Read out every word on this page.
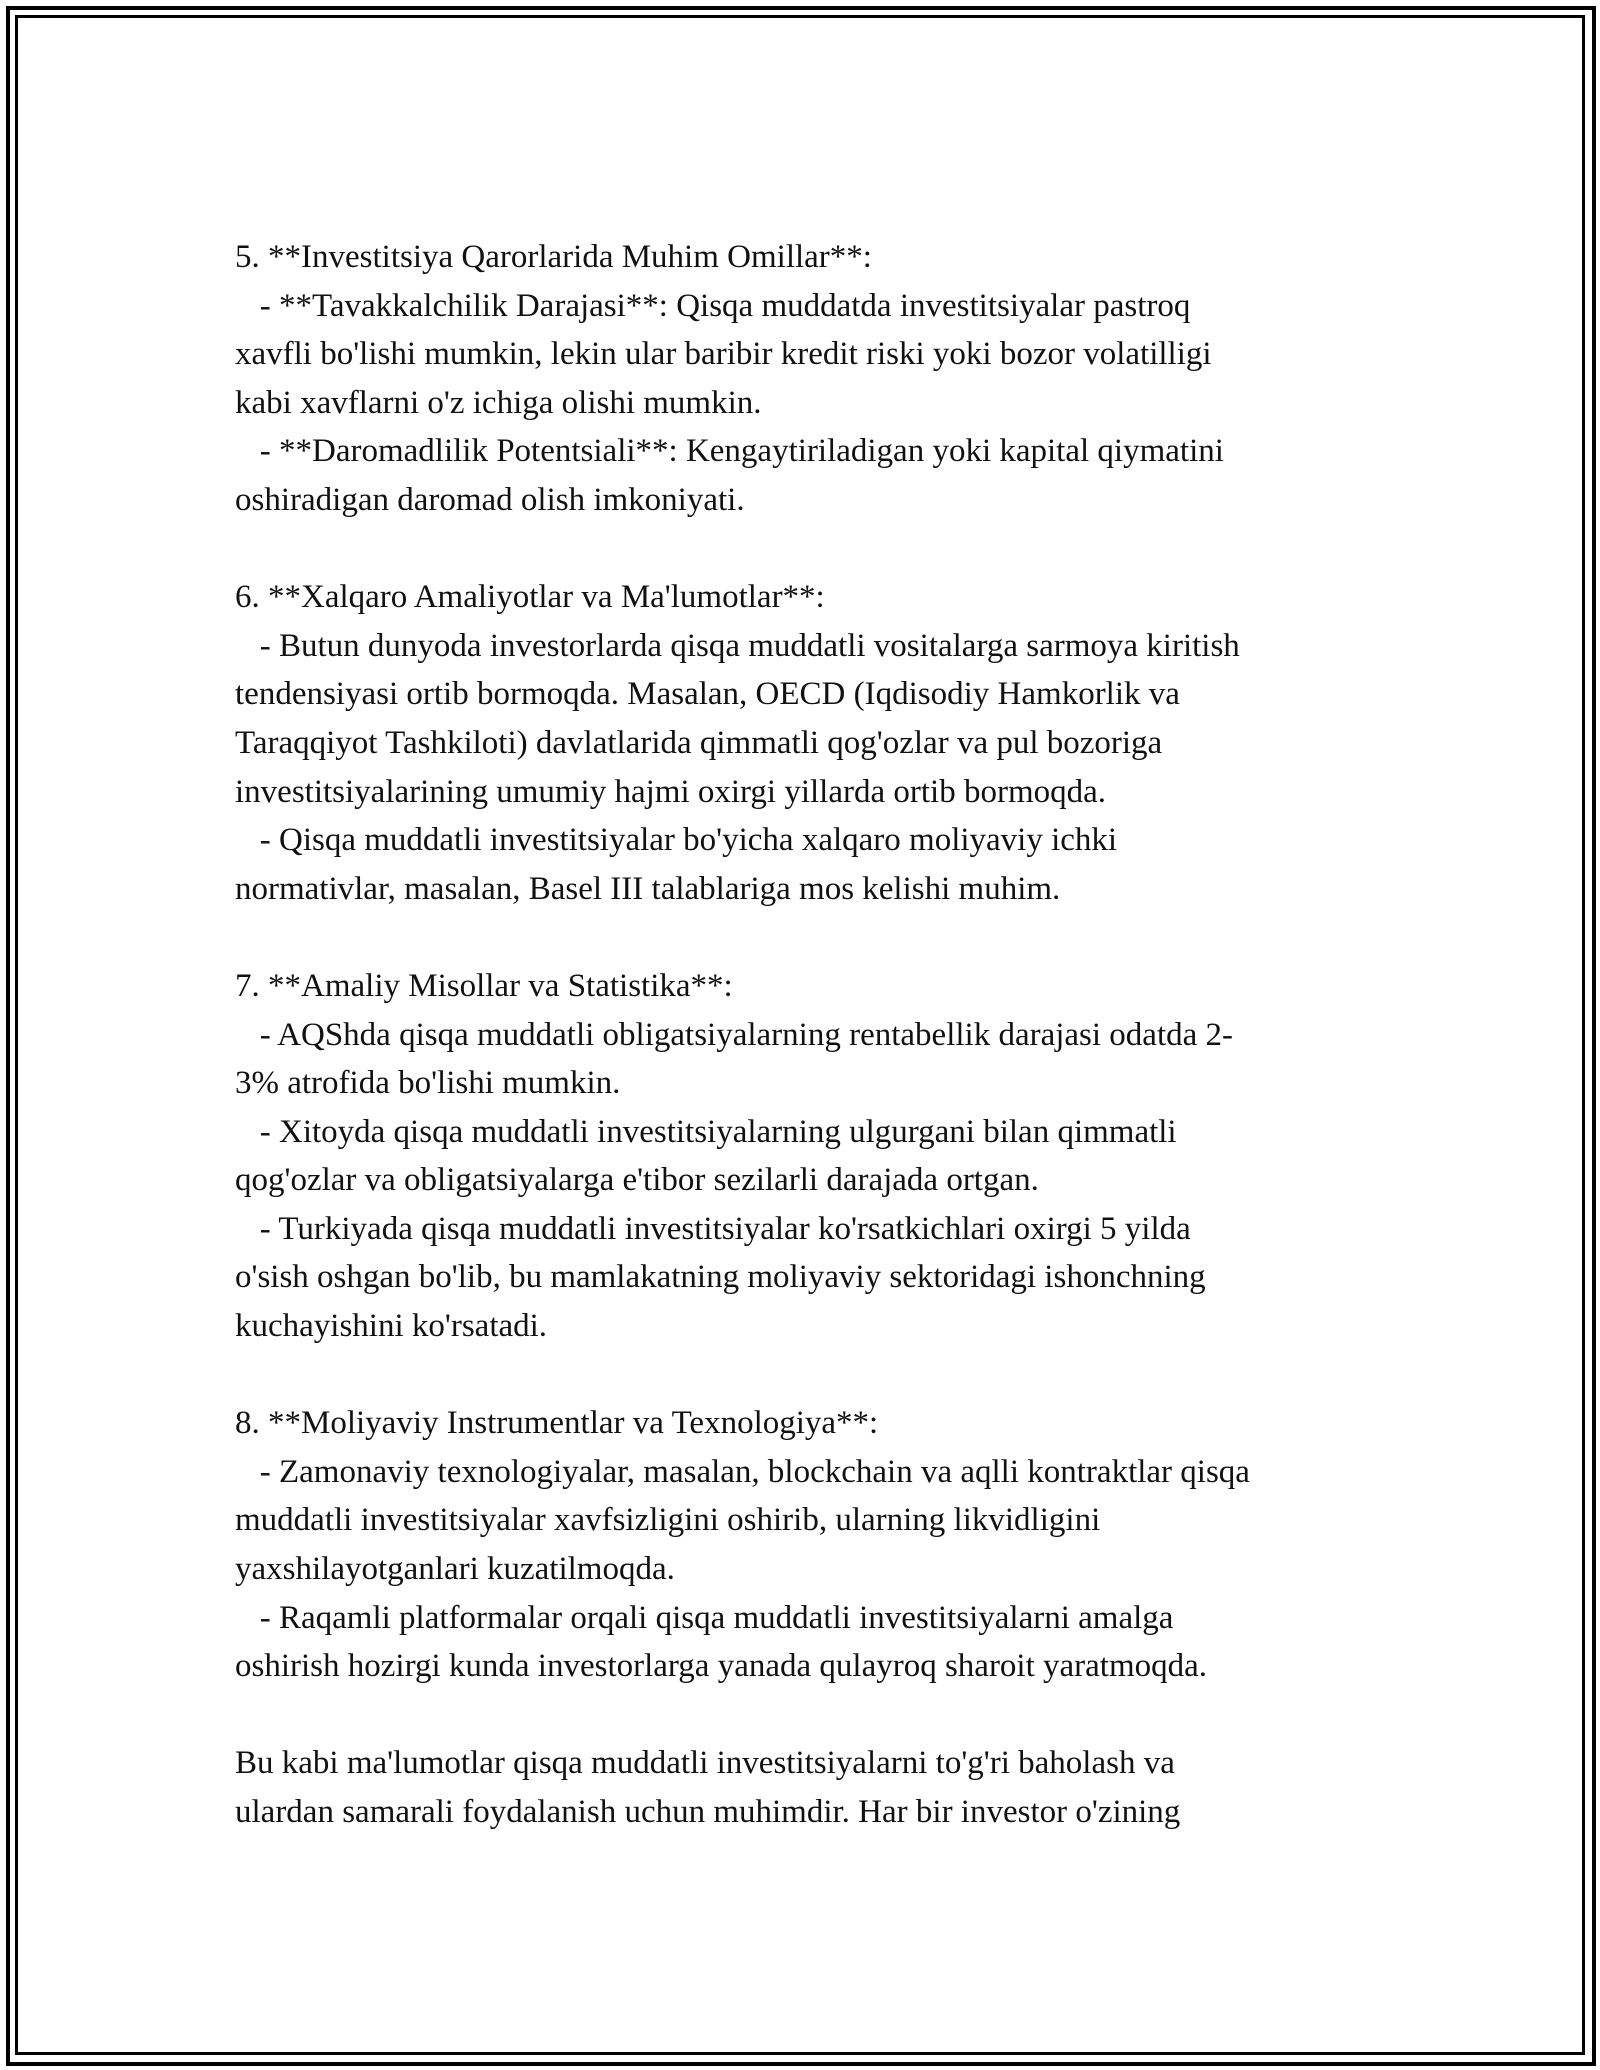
5. **Investitsiya Qarorlarida Muhim Omillar**:
- **Tavakkalchilik Darajasi**: Qisqa muddatda investitsiyalar pastroq
xavfli bo'lishi mumkin, lekin ular baribir kredit riski yoki bozor volatilligi
kabi xavflarni o'z ichiga olishi mumkin.
- **Daromadlilik Potentsiali**: Kengaytiriladigan yoki kapital qiymatini
oshiradigan daromad olish imkoniyati.
6. **Xalqaro Amaliyotlar va Ma'lumotlar**:
- Butun dunyoda investorlarda qisqa muddatli vositalarga sarmoya kiritish
tendensiyasi ortib bormoqda. Masalan, OECD (Iqdisodiy Hamkorlik va
Taraqqiyot Tashkiloti) davlatlarida qimmatli qog'ozlar va pul bozoriga
investitsiyalarining umumiy hajmi oxirgi yillarda ortib bormoqda.
- Qisqa muddatli investitsiyalar bo'yicha xalqaro moliyaviy ichki
normativlar, masalan, Basel III talablariga mos kelishi muhim.
7. **Amaliy Misollar va Statistika**:
- AQShda qisqa muddatli obligatsiyalarning rentabellik darajasi odatda 2-
3% atrofida bo'lishi mumkin.
- Xitoyda qisqa muddatli investitsiyalarning ulgurgani bilan qimmatli
qog'ozlar va obligatsiyalarga e'tibor sezilarli darajada ortgan.
- Turkiyada qisqa muddatli investitsiyalar ko'rsatkichlari oxirgi 5 yilda
o'sish oshgan bo'lib, bu mamlakatning moliyaviy sektoridagi ishonchning
kuchayishini ko'rsatadi.
8. **Moliyaviy Instrumentlar va Texnologiya**:
- Zamonaviy texnologiyalar, masalan, blockchain va aqlli kontraktlar qisqa
muddatli investitsiyalar xavfsizligini oshirib, ularning likvidligini
yaxshilayotganlari kuzatilmoqda.
- Raqamli platformalar orqali qisqa muddatli investitsiyalarni amalga
oshirish hozirgi kunda investorlarga yanada qulayroq sharoit yaratmoqda.
Bu kabi ma'lumotlar qisqa muddatli investitsiyalarni to'g'ri baholash va
ulardan samarali foydalanish uchun muhimdir. Har bir investor o'zining
